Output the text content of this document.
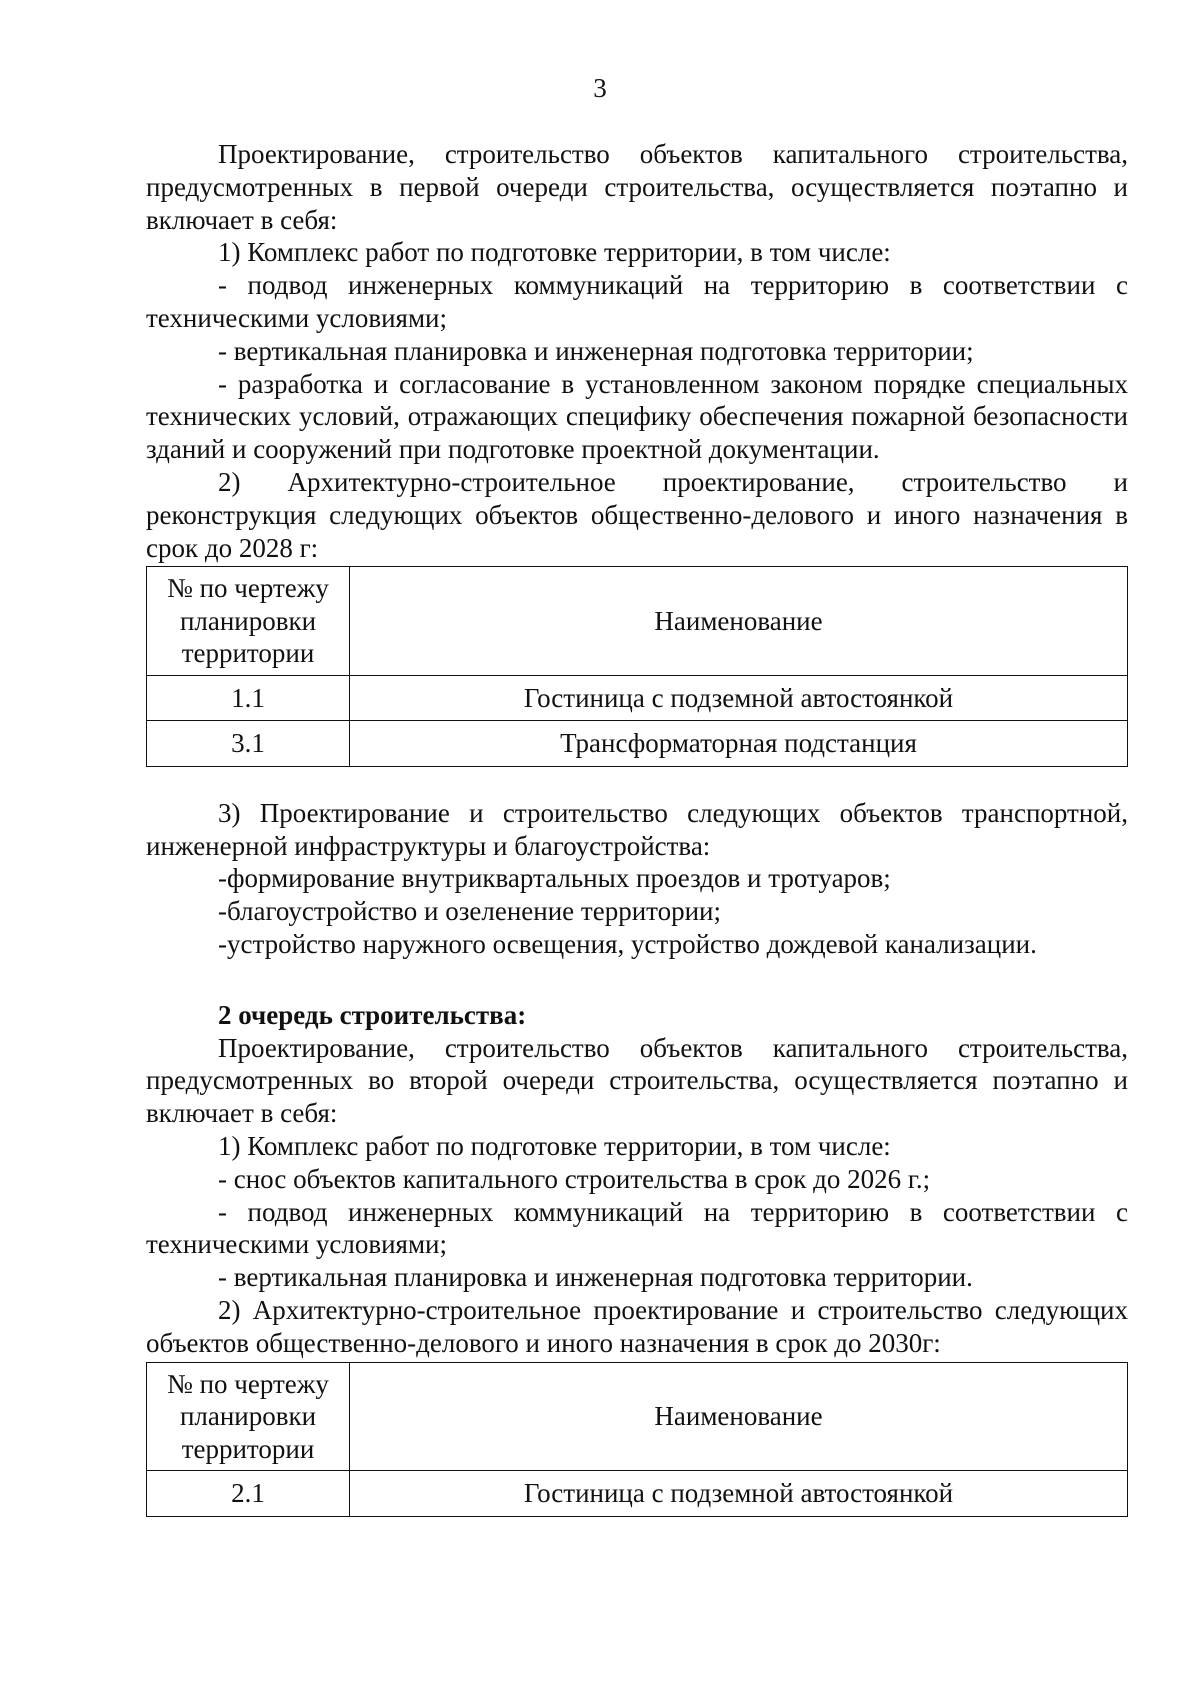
3

Проектирование, строительство объектов капитального строительства, предусмотренных в первой очереди строительства, осуществляется поэтапно и включает в себя:

1) Комплекс работ по подготовке территории, в том числе:

- подвод инженерных коммуникаций на территорию в соответствии с техническими условиями;

- вертикальная планировка и инженерная подготовка территории;

- разработка и согласование в установленном законом порядке специальных технических условий, отражающих специфику обеспечения пожарной безопасности зданий и сооружений при подготовке проектной документации.

2) Архитектурно-строительное проектирование, строительство и реконструкция следующих объектов общественно-делового и иного назначения в срок до 2028 г:

№ по чертежу планировки территории	Наименование
1.1	Гостиница с подземной автостоянкой
3.1	Трансформаторная подстанция

3) Проектирование и строительство следующих объектов транспортной, инженерной инфраструктуры и благоустройства:

-формирование внутриквартальных проездов и тротуаров;

-благоустройство и озеленение территории;

-устройство наружного освещения, устройство дождевой канализации.

2 очередь строительства:

Проектирование, строительство объектов капитального строительства, предусмотренных во второй очереди строительства, осуществляется поэтапно и включает в себя:

1) Комплекс работ по подготовке территории, в том числе:

- снос объектов капитального строительства в срок до 2026 г.;

- подвод инженерных коммуникаций на территорию в соответствии с техническими условиями;

- вертикальная планировка и инженерная подготовка территории.

2) Архитектурно-строительное проектирование и строительство следующих объектов общественно-делового и иного назначения в срок до 2030г:

№ по чертежу планировки территории	Наименование
2.1	Гостиница с подземной автостоянкой
